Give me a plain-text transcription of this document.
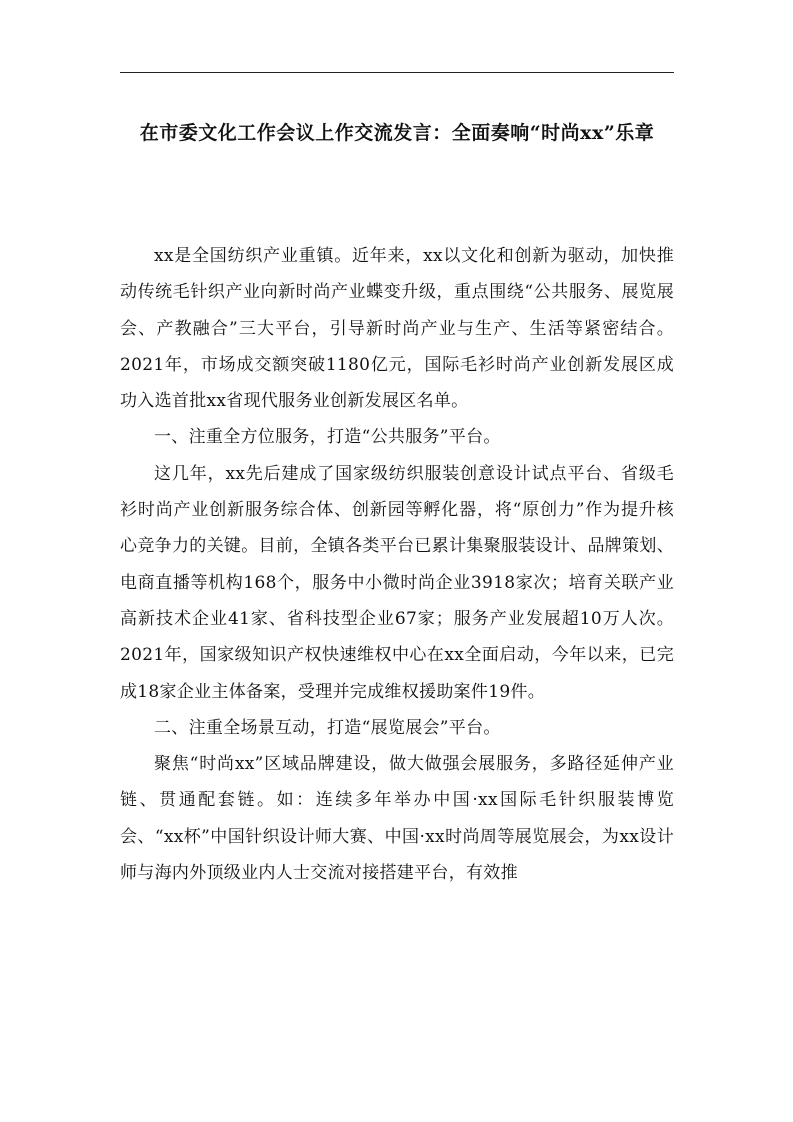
在市委文化工作会议上作交流发言：全面奏响“时尚xx”乐章

xx是全国纺织产业重镇。近年来，xx以文化和创新为驱动，加快推动传统毛针织产业向新时尚产业蝶变升级，重点围绕“公共服务、展览展会、产教融合”三大平台，引导新时尚产业与生产、生活等紧密结合。2021年，市场成交额突破1180亿元，国际毛衫时尚产业创新发展区成功入选首批xx省现代服务业创新发展区名单。

一、注重全方位服务，打造“公共服务”平台。

这几年，xx先后建成了国家级纺织服装创意设计试点平台、省级毛衫时尚产业创新服务综合体、创新园等孵化器，将“原创力”作为提升核心竞争力的关键。目前，全镇各类平台已累计集聚服装设计、品牌策划、电商直播等机构168个，服务中小微时尚企业3918家次；培育关联产业高新技术企业41家、省科技型企业67家；服务产业发展超10万人次。2021年，国家级知识产权快速维权中心在xx全面启动，今年以来，已完成18家企业主体备案，受理并完成维权援助案件19件。

二、注重全场景互动，打造“展览展会”平台。

聚焦“时尚xx”区域品牌建设，做大做强会展服务，多路径延伸产业链、贯通配套链。如：连续多年举办中国·xx国际毛针织服装博览会、“xx杯”中国针织设计师大赛、中国·xx时尚周等展览展会，为xx设计师与海内外顶级业内人士交流对接搭建平台，有效推
